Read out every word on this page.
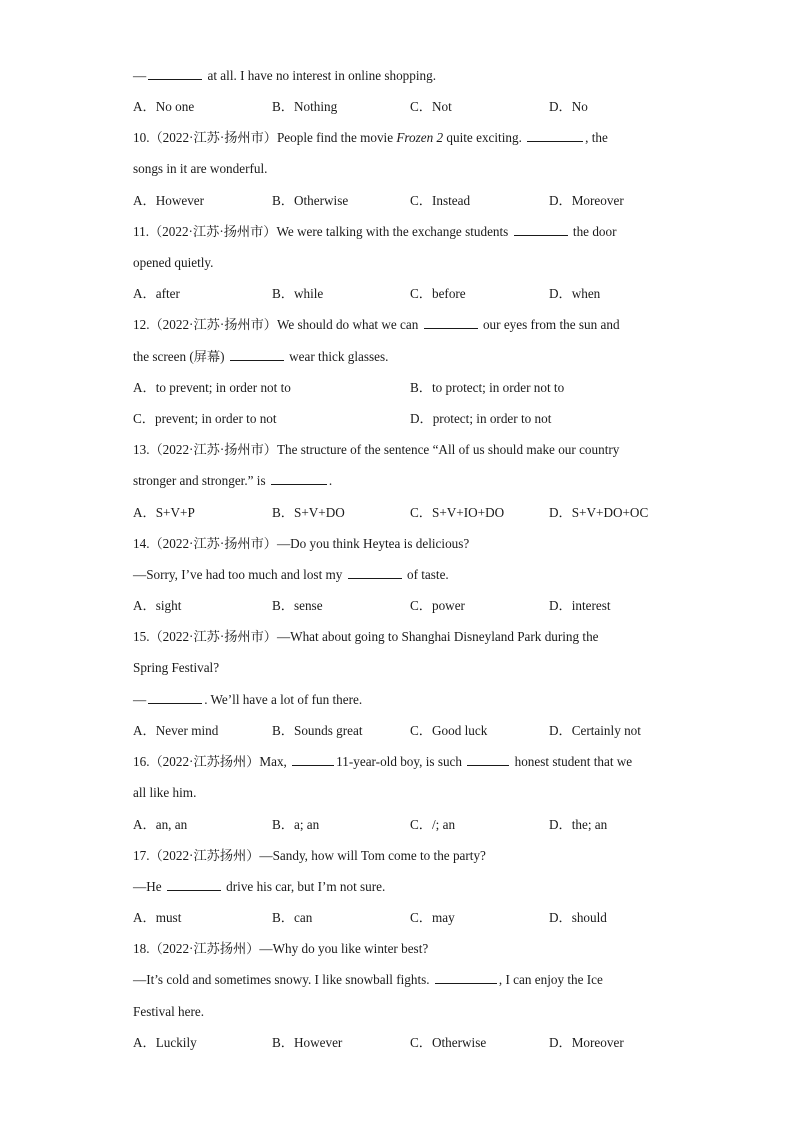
—	at all. I have no interest in online shopping.
A．No one	B．Nothing	C．Not	D．No
10.（2022·江苏·扬州市）People find the movie Frozen 2 quite exciting.	, the
songs in it are wonderful.
A．However	B．Otherwise	C．Instead	D．Moreover
11.（2022·江苏·扬州市）We were talking with the exchange students	the door
opened quietly.
A．after	B．while	C．before	D．when
12.（2022·江苏·扬州市）We should do what we can	our eyes from the sun and
the screen (屏幕)	wear thick glasses.
A．to prevent; in order not to	B．to protect; in order not to
C．prevent; in order to not	D．protect; in order to not
13.（2022·江苏·扬州市）The structure of the sentence “All of us should make our country
stronger and stronger.” is	.
A．S+V+P	B．S+V+DO	C．S+V+IO+DO	D．S+V+DO+OC
14.（2022·江苏·扬州市）—Do you think Heytea is delicious?
—Sorry, I’ve had too much and lost my	of taste.
A．sight	B．sense	C．power	D．interest
15.（2022·江苏·扬州市）—What about going to Shanghai Disneyland Park during the
Spring Festival?
—	. We’ll have a lot of fun there.
A．Never mind	B．Sounds great	C．Good luck	D．Certainly not
16.（2022·江苏扬州）Max,	11-year-old boy, is such	honest student that we
all like him.
A．an, an	B．a; an	C．/; an	D．the; an
17.（2022·江苏扬州）—Sandy, how will Tom come to the party?
—He	drive his car, but I’m not sure.
A．must	B．can	C．may	D．should
18.（2022·江苏扬州）—Why do you like winter best?
—It’s cold and sometimes snowy. I like snowball fights.	, I can enjoy the Ice
Festival here.
A．Luckily	B．However	C．Otherwise	D．Moreover
